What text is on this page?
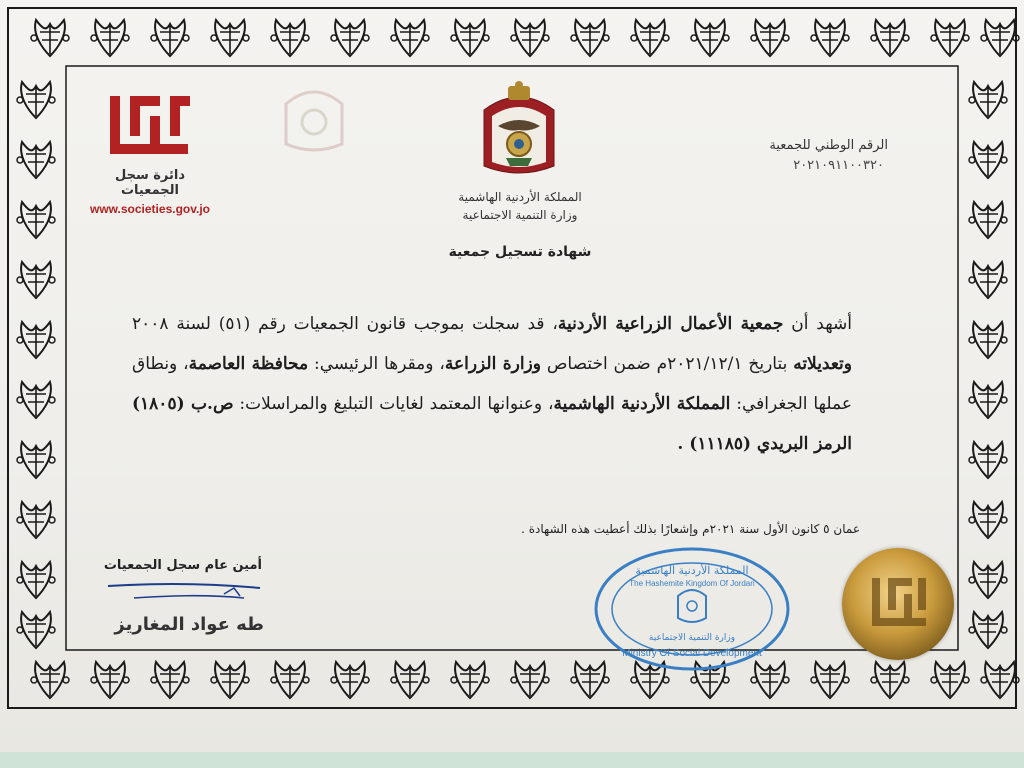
الرقم الوطني للجمعية
٢٠٢١٠٩١١٠٠٣٢٠
دائرة سجل الجمعيات
www.societies.gov.jo
المملكة الأردنية الهاشمية
وزارة التنمية الاجتماعية
شهادة تسجيل جمعية
أشهد أن جمعية الأعمال الزراعية الأردنية، قد سجلت بموجب قانون الجمعيات رقم (٥١) لسنة ٢٠٠٨ وتعديلاته بتاريخ ٢٠٢١/١٢/١م ضمن اختصاص وزارة الزراعة، ومقرها الرئيسي: محافظة العاصمة، ونطاق عملها الجغرافي: المملكة الأردنية الهاشمية، وعنوانها المعتمد لغايات التبليغ والمراسلات: ص.ب (١٨٠٥) الرمز البريدي (١١١٨٥) .
عمان ٥ كانون الأول سنة ٢٠٢١م وإشعارًا بذلك أعطيت هذه الشهادة .
أمين عام سجل الجمعيات
طه عواد المغاريز
المملكة الأردنية الهاشمية
The Hashemite Kingdom Of Jordan
وزارة التنمية الاجتماعية
Ministry Of Social Development
